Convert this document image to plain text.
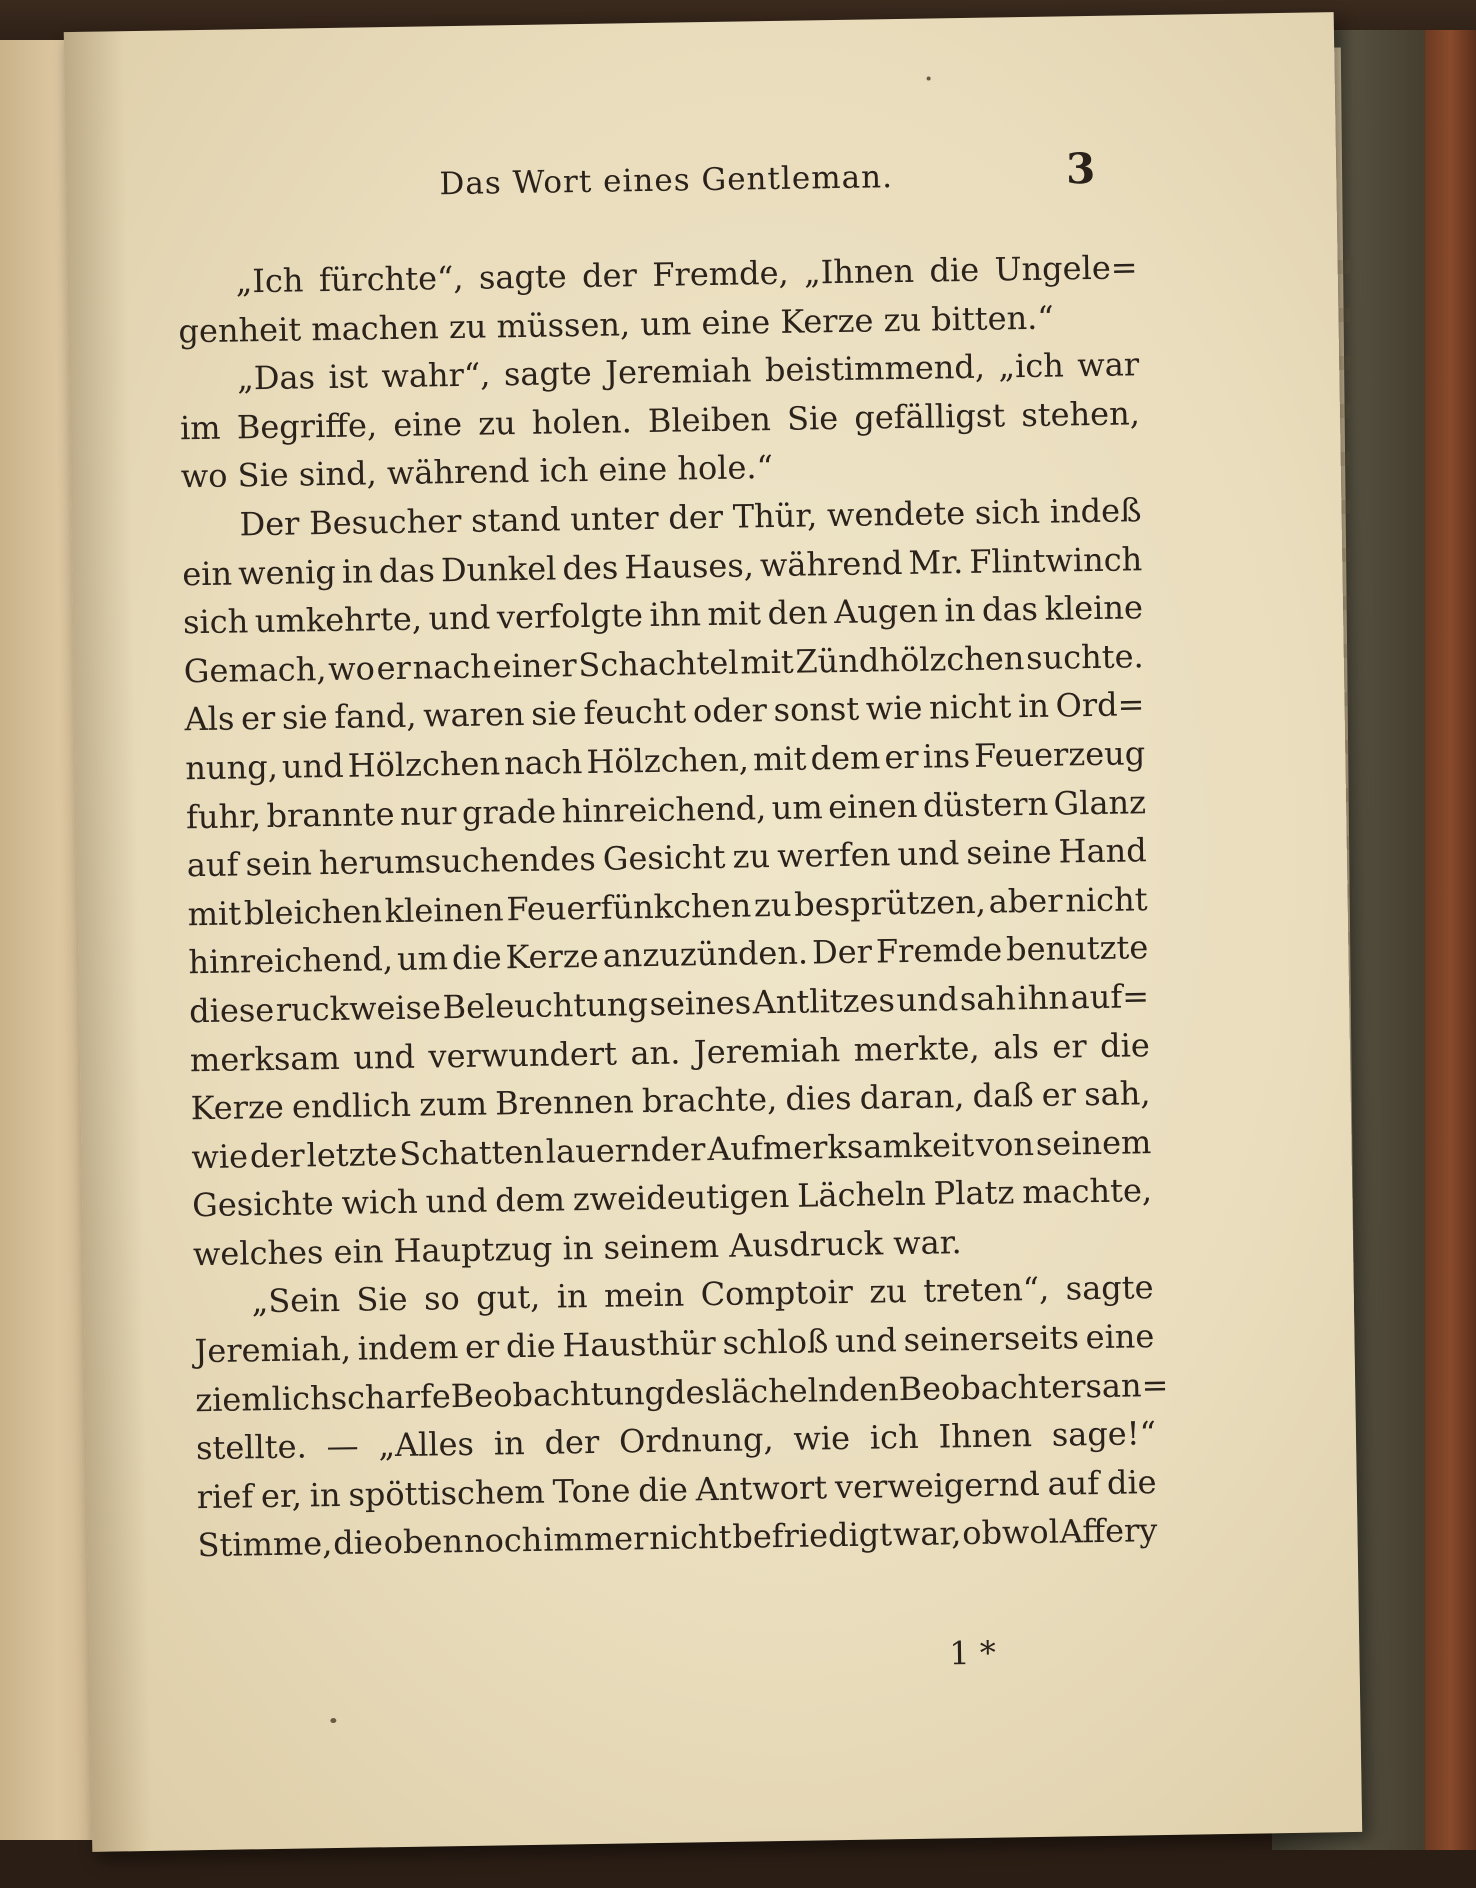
Das Wort eines Gentleman.	3
„Ich fürchte“, sagte der Fremde, „Ihnen die Ungele=
genheit machen zu müssen, um eine Kerze zu bitten.“
„Das ist wahr“, sagte Jeremiah beistimmend, „ich war
im Begriffe, eine zu holen. Bleiben Sie gefälligst stehen,
wo Sie sind, während ich eine hole.“
Der Besucher stand unter der Thür, wendete sich indeß
ein wenig in das Dunkel des Hauses, während Mr. Flintwinch
sich umkehrte, und verfolgte ihn mit den Augen in das kleine
Gemach, wo er nach einer Schachtel mit Zündhölzchen suchte.
Als er sie fand, waren sie feucht oder sonst wie nicht in Ord=
nung, und Hölzchen nach Hölzchen, mit dem er ins Feuerzeug
fuhr, brannte nur grade hinreichend, um einen düstern Glanz
auf sein herumsuchendes Gesicht zu werfen und seine Hand
mit bleichen kleinen Feuerfünkchen zu besprützen, aber nicht
hinreichend, um die Kerze anzuzünden. Der Fremde benutzte
diese ruckweise Beleuchtung seines Antlitzes und sah ihn auf=
merksam und verwundert an. Jeremiah merkte, als er die
Kerze endlich zum Brennen brachte, dies daran, daß er sah,
wie der letzte Schatten lauernder Aufmerksamkeit von seinem
Gesichte wich und dem zweideutigen Lächeln Platz machte,
welches ein Hauptzug in seinem Ausdruck war.
„Sein Sie so gut, in mein Comptoir zu treten“, sagte
Jeremiah, indem er die Hausthür schloß und seinerseits eine
ziemlich scharfe Beobachtung des lächelnden Beobachters an=
stellte. — „Alles in der Ordnung, wie ich Ihnen sage!“
rief er, in spöttischem Tone die Antwort verweigernd auf die
Stimme, die oben noch immer nicht befriedigt war, obwol Affery
1 *
